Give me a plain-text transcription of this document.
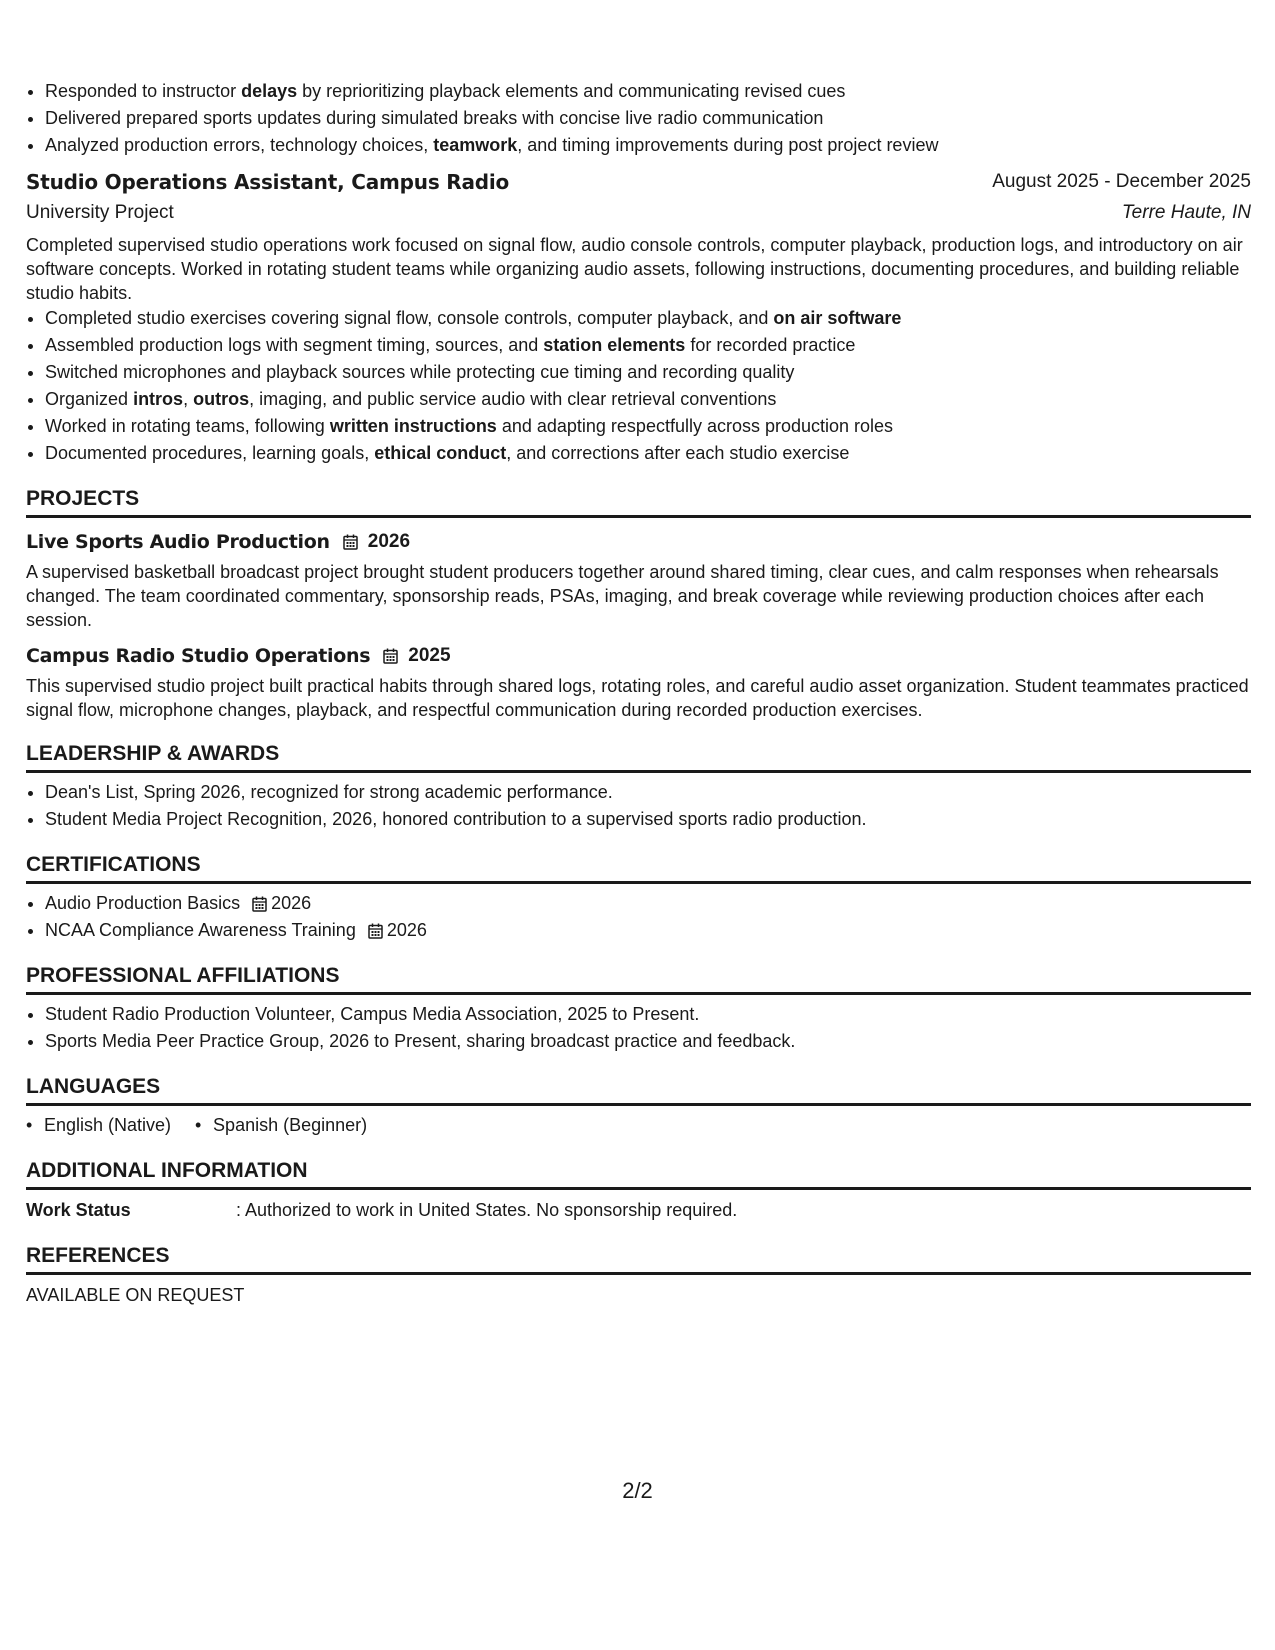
• Responded to instructor delays by reprioritizing playback elements and communicating revised cues
• Delivered prepared sports updates during simulated breaks with concise live radio communication
• Analyzed production errors, technology choices, teamwork, and timing improvements during post project review
Studio Operations Assistant, Campus Radio	August 2025 - December 2025
University Project	Terre Haute, IN
Completed supervised studio operations work focused on signal flow, audio console controls, computer playback, production logs, and introductory on air software concepts. Worked in rotating student teams while organizing audio assets, following instructions, documenting procedures, and building reliable studio habits.
• Completed studio exercises covering signal flow, console controls, computer playback, and on air software
• Assembled production logs with segment timing, sources, and station elements for recorded practice
• Switched microphones and playback sources while protecting cue timing and recording quality
• Organized intros, outros, imaging, and public service audio with clear retrieval conventions
• Worked in rotating teams, following written instructions and adapting respectfully across production roles
• Documented procedures, learning goals, ethical conduct, and corrections after each studio exercise
PROJECTS
Live Sports Audio Production 2026
A supervised basketball broadcast project brought student producers together around shared timing, clear cues, and calm responses when rehearsals changed. The team coordinated commentary, sponsorship reads, PSAs, imaging, and break coverage while reviewing production choices after each session.
Campus Radio Studio Operations 2025
This supervised studio project built practical habits through shared logs, rotating roles, and careful audio asset organization. Student teammates practiced signal flow, microphone changes, playback, and respectful communication during recorded production exercises.
LEADERSHIP & AWARDS
• Dean's List, Spring 2026, recognized for strong academic performance.
• Student Media Project Recognition, 2026, honored contribution to a supervised sports radio production.
CERTIFICATIONS
• Audio Production Basics 2026
• NCAA Compliance Awareness Training 2026
PROFESSIONAL AFFILIATIONS
• Student Radio Production Volunteer, Campus Media Association, 2025 to Present.
• Sports Media Peer Practice Group, 2026 to Present, sharing broadcast practice and feedback.
LANGUAGES
• English (Native)
•	Spanish (Beginner)
ADDITIONAL INFORMATION
Work Status	: Authorized to work in United States. No sponsorship required.
REFERENCES
AVAILABLE ON REQUEST
2/2
